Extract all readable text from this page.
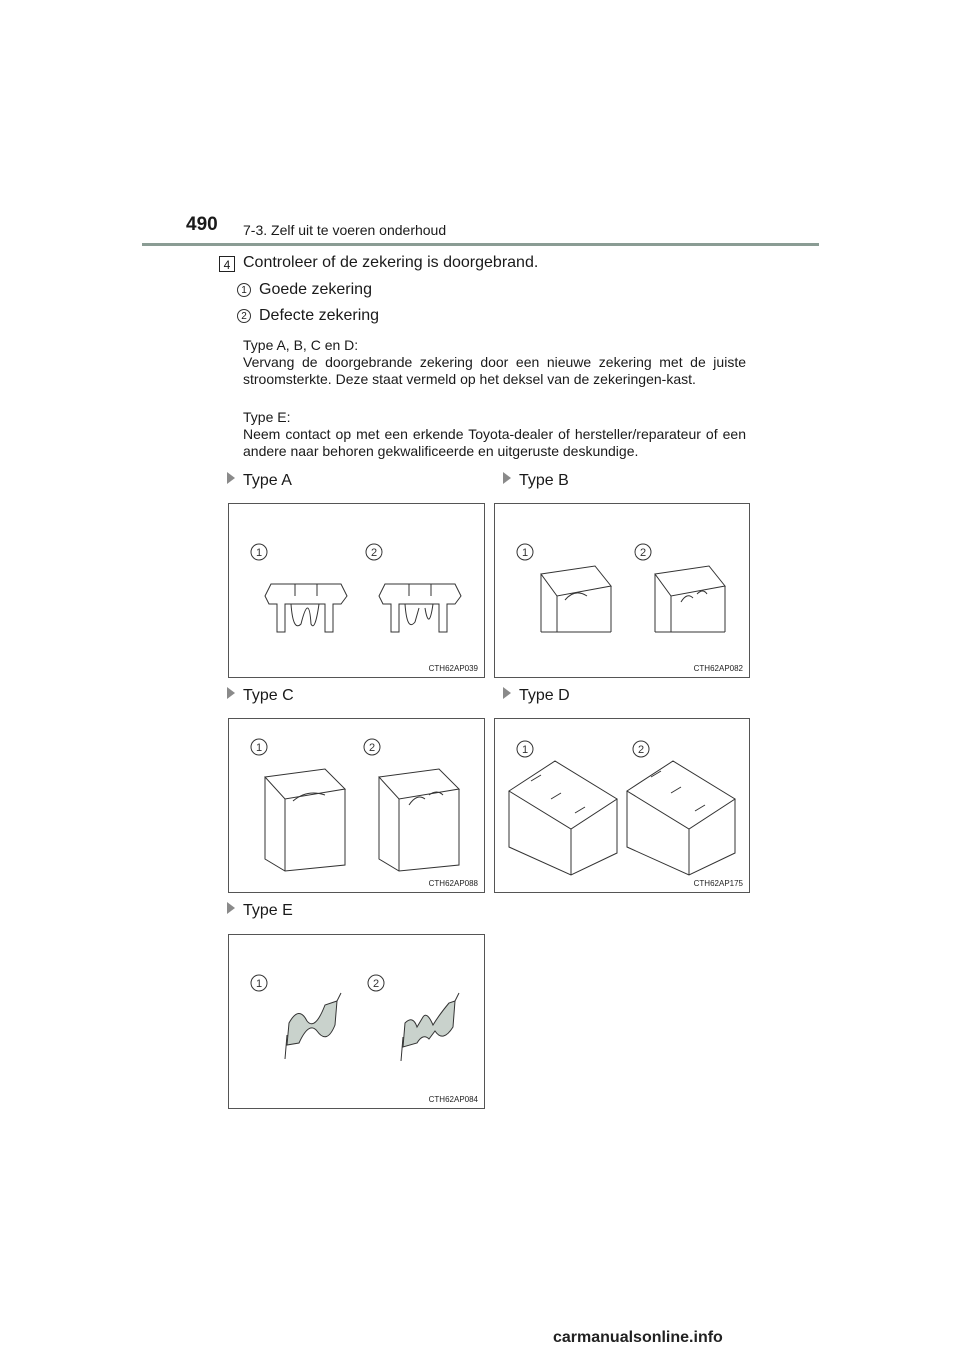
490 7-3. Zelf uit te voeren onderhoud
4 Controleer of de zekering is doorgebrand.
1 Goede zekering
2 Defecte zekering
Type A, B, C en D:
Vervang de doorgebrande zekering door een nieuwe zekering met de juiste stroomsterkte. Deze staat vermeld op het deksel van de zekeringen-kast.
Type E:
Neem contact op met een erkende Toyota-dealer of hersteller/reparateur of een andere naar behoren gekwalificeerde en uitgeruste deskundige.
Type A
1	2
CTH62AP039
Type B
1	2
CTH62AP082
Type C
1	2
CTH62AP088
Type D
1	2
CTH62AP175
Type E
1	2
CTH62AP084
carmanualsonline.info
